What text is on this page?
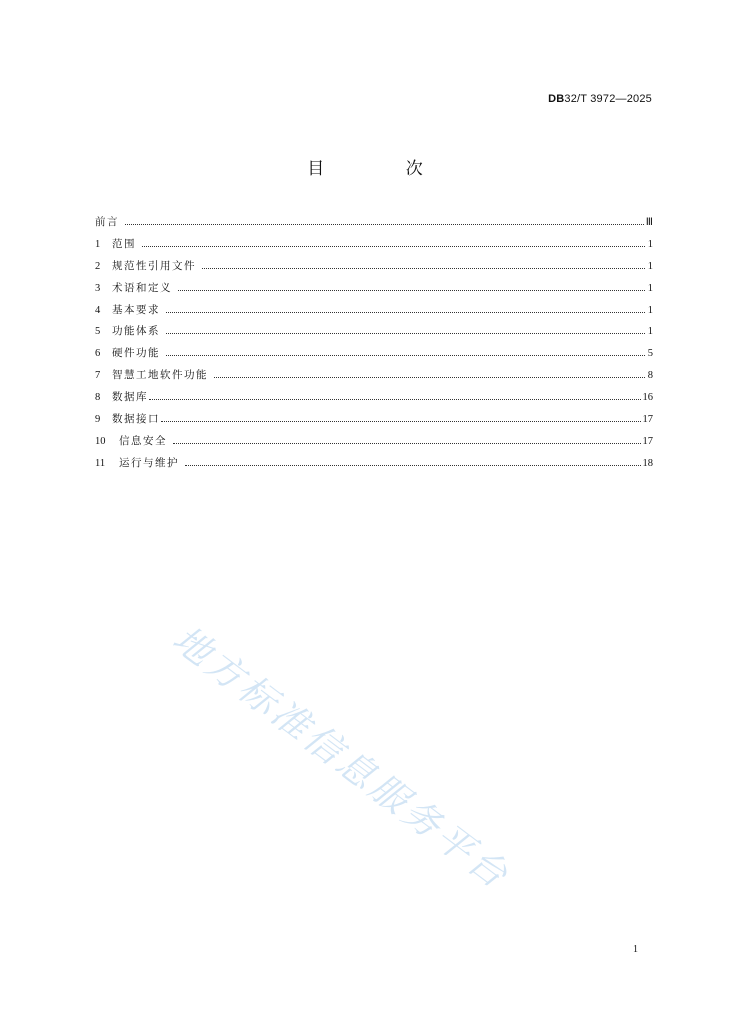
DB32/T 3972—2025
目 次
前言	Ⅲ
1	范围	1
2	规范性引用文件	1
3	术语和定义	1
4	基本要求	1
5	功能体系	1
6	硬件功能	5
7	智慧工地软件功能	8
8	数据库	16
9	数据接口	17
10	信息安全	17
11	运行与维护	18
地方标准信息服务平台
1
